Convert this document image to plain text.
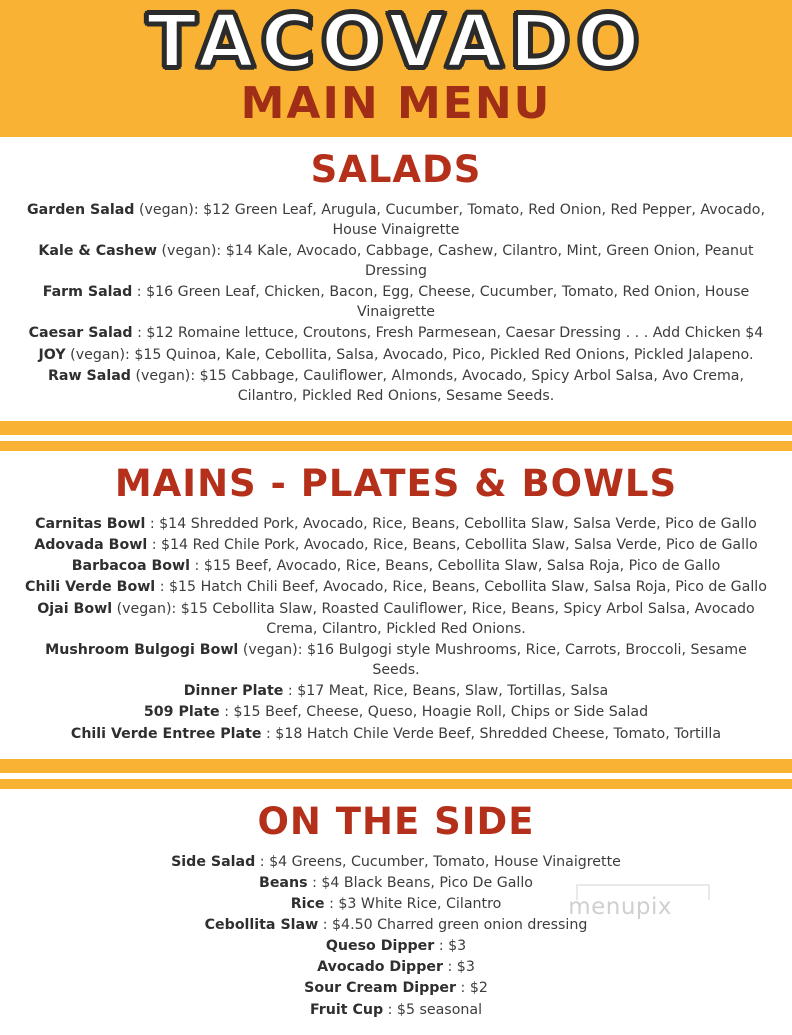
TACOVADO
MAIN MENU
SALADS
Garden Salad (vegan): $12 Green Leaf, Arugula, Cucumber, Tomato, Red Onion, Red Pepper, Avocado, House Vinaigrette
Kale & Cashew (vegan): $14 Kale, Avocado, Cabbage, Cashew, Cilantro, Mint, Green Onion, Peanut Dressing
Farm Salad : $16 Green Leaf, Chicken, Bacon, Egg, Cheese, Cucumber, Tomato, Red Onion, House Vinaigrette
Caesar Salad : $12 Romaine lettuce, Croutons, Fresh Parmesean, Caesar Dressing . . . Add Chicken $4
JOY (vegan): $15 Quinoa, Kale, Cebollita, Salsa, Avocado, Pico, Pickled Red Onions, Pickled Jalapeno.
Raw Salad (vegan): $15 Cabbage, Cauliflower, Almonds, Avocado, Spicy Arbol Salsa, Avo Crema, Cilantro, Pickled Red Onions, Sesame Seeds.
MAINS - PLATES & BOWLS
Carnitas Bowl : $14 Shredded Pork, Avocado, Rice, Beans, Cebollita Slaw, Salsa Verde, Pico de Gallo
Adovada Bowl : $14 Red Chile Pork, Avocado, Rice, Beans, Cebollita Slaw, Salsa Verde, Pico de Gallo
Barbacoa Bowl : $15 Beef, Avocado, Rice, Beans, Cebollita Slaw, Salsa Roja, Pico de Gallo
Chili Verde Bowl : $15 Hatch Chili Beef, Avocado, Rice, Beans, Cebollita Slaw, Salsa Roja, Pico de Gallo
Ojai Bowl (vegan): $15 Cebollita Slaw, Roasted Cauliflower, Rice, Beans, Spicy Arbol Salsa, Avocado Crema, Cilantro, Pickled Red Onions.
Mushroom Bulgogi Bowl (vegan): $16 Bulgogi style Mushrooms, Rice, Carrots, Broccoli, Sesame Seeds.
Dinner Plate : $17 Meat, Rice, Beans, Slaw, Tortillas, Salsa
509 Plate : $15 Beef, Cheese, Queso, Hoagie Roll, Chips or Side Salad
Chili Verde Entree Plate : $18 Hatch Chile Verde Beef, Shredded Cheese, Tomato, Tortilla
ON THE SIDE
Side Salad : $4 Greens, Cucumber, Tomato, House Vinaigrette
Beans : $4 Black Beans, Pico De Gallo
Rice : $3 White Rice, Cilantro
Cebollita Slaw : $4.50 Charred green onion dressing
Queso Dipper : $3
Avocado Dipper : $3
Sour Cream Dipper : $2
Fruit Cup : $5 seasonal
menupix
